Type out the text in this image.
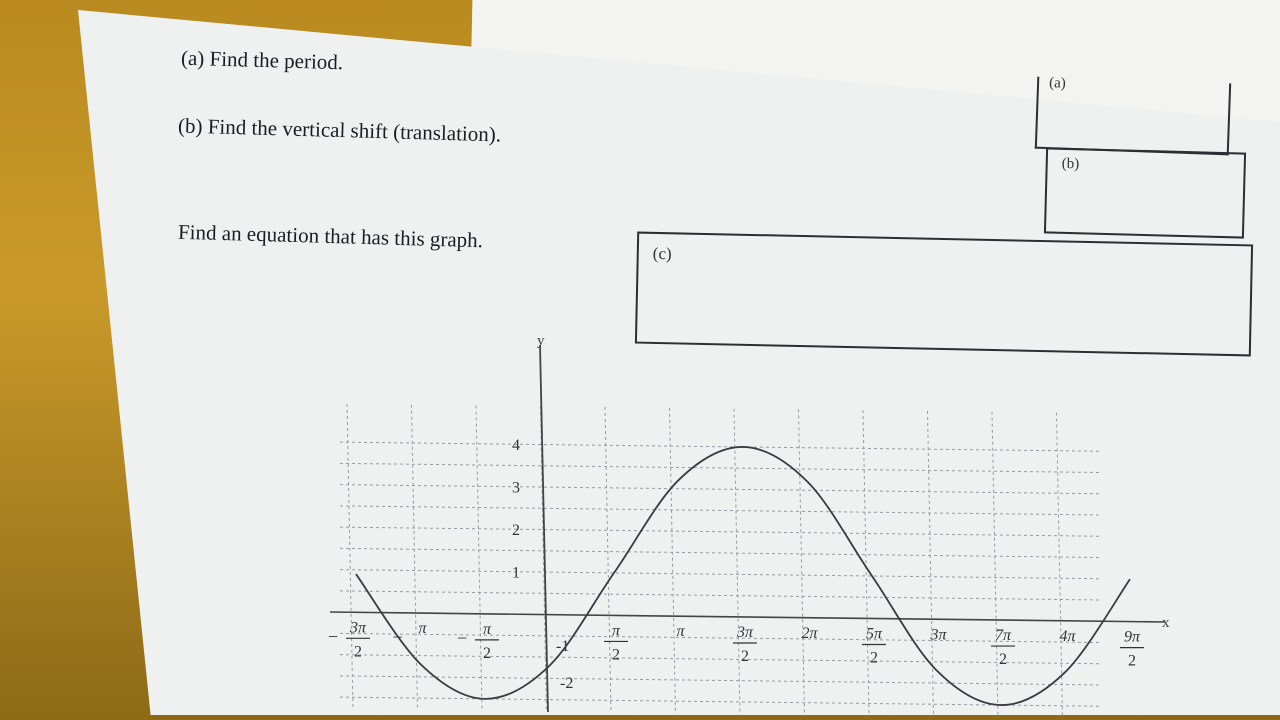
(a) Find the period.
(b) Find the vertical shift (translation).
Find an equation that has this graph.
(a)
(b)
(c)
y
x
4
3
2
1
-1
-2
− 3π
2
− π − π
2
π
2
π	3π
2
2π	5π
2
3π	7π
2
4π	9π
2
